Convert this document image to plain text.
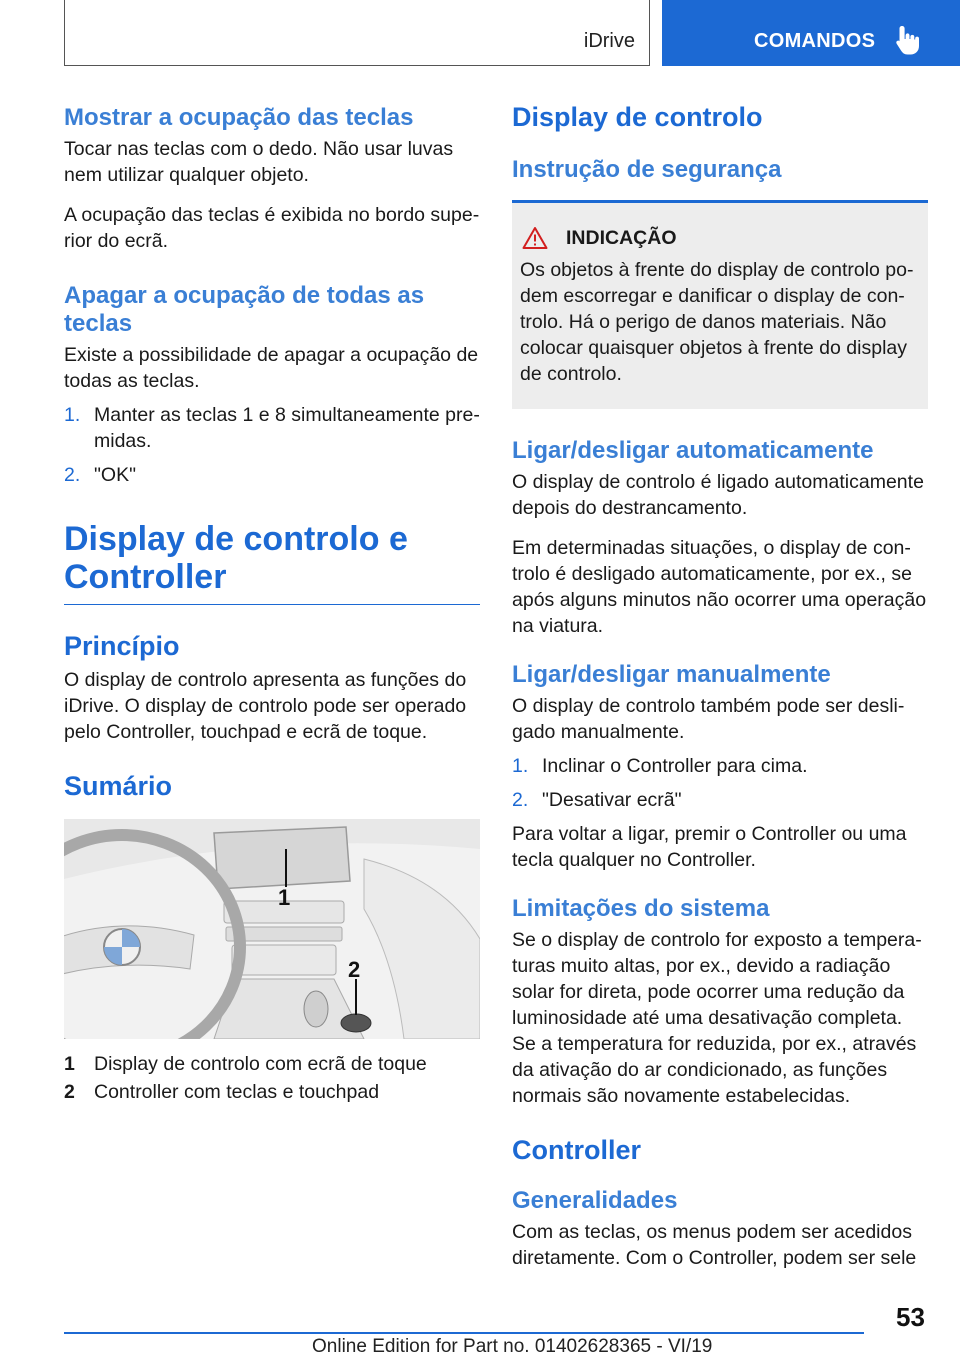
iDrive	COMANDOS
Mostrar a ocupação das teclas

Tocar nas teclas com o dedo. Não usar luvas nem utilizar qualquer objeto.

A ocupação das teclas é exibida no bordo superior do ecrã.

Apagar a ocupação de todas as teclas

Existe a possibilidade de apagar a ocupação de todas as teclas.

1. Manter as teclas 1 e 8 simultaneamente premidas.
2. "OK"
Display de controlo e Controller
Princípio

O display de controlo apresenta as funções do iDrive. O display de controlo pode ser operado pelo Controller, touchpad e ecrã de toque.

Sumário
1
2
1 Display de controlo com ecrã de toque
2 Controller com teclas e touchpad
Display de controlo
Instrução de segurança
INDICAÇÃO

Os objetos à frente do display de controlo podem escorregar e danificar o display de controlo. Há o perigo de danos materiais. Não colocar quaisquer objetos à frente do display de controlo.

Ligar/desligar automaticamente

O display de controlo é ligado automaticamente depois do destrancamento.

Em determinadas situações, o display de controlo é desligado automaticamente, por ex., se após alguns minutos não ocorrer uma operação na viatura.

Ligar/desligar manualmente

O display de controlo também pode ser desligado manualmente.

1. Inclinar o Controller para cima.
2. "Desativar ecrã"

Para voltar a ligar, premir o Controller ou uma tecla qualquer no Controller.

Limitações do sistema

Se o display de controlo for exposto a temperaturas muito altas, por ex., devido a radiação solar for direta, pode ocorrer uma redução da luminosidade até uma desativação completa. Se a temperatura for reduzida, por ex., através da ativação do ar condicionado, as funções normais são novamente estabelecidas.

Controller
Generalidades

Com as teclas, os menus podem ser acedidos diretamente. Com o Controller, podem ser sele

53
Online Edition for Part no. 01402628365 - VI/19
